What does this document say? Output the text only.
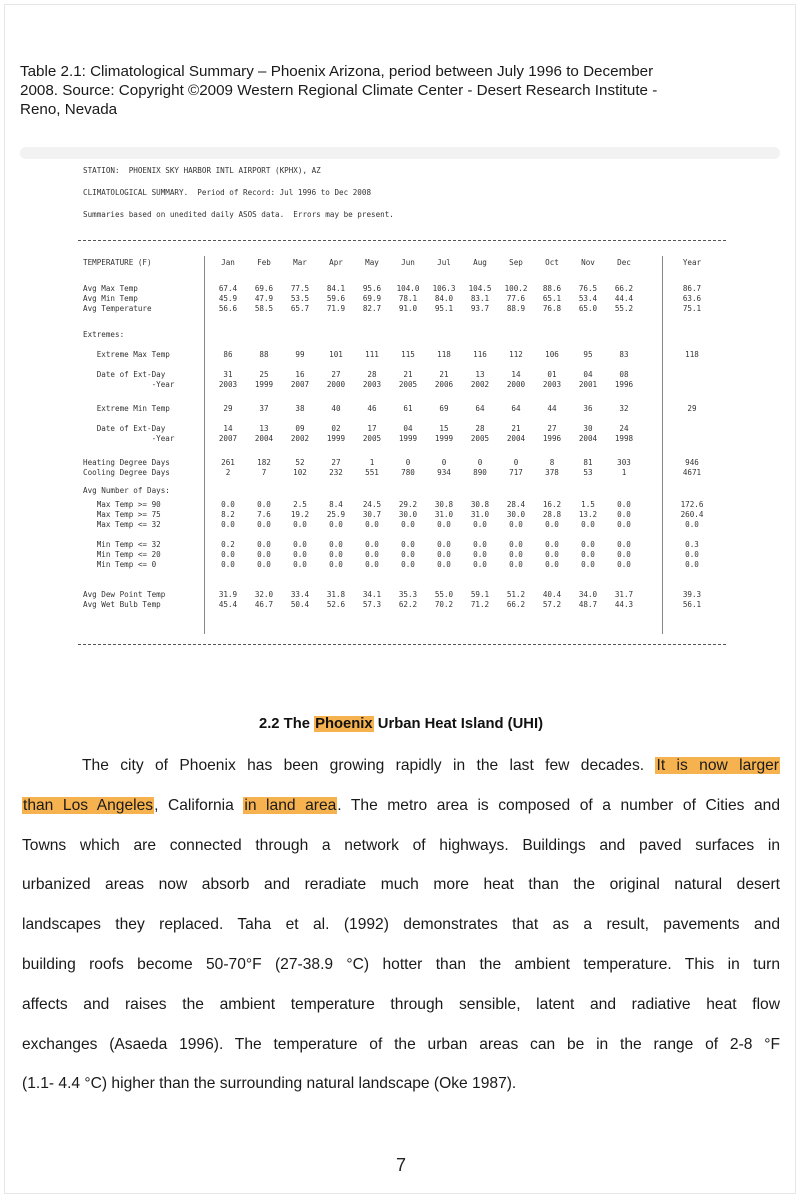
Table 2.1: Climatological Summary – Phoenix Arizona, period between July 1996 to December
2008. Source: Copyright ©2009 Western Regional Climate Center - Desert Research Institute -
Reno, Nevada

STATION:  PHOENIX SKY HARBOR INTL AIRPORT (KPHX), AZ

CLIMATOLOGICAL SUMMARY.  Period of Record: Jul 1996 to Dec 2008

Summaries based on unedited daily ASOS data.  Errors may be present.

TEMPERATURE (F)	Jan	Feb	Mar	Apr	May	Jun	Jul	Aug	Sep	Oct	Nov	Dec	Year
Avg Max Temp	67.4	69.6	77.5	84.1	95.6	104.0	106.3	104.5	100.2	88.6	76.5	66.2	86.7
Avg Min Temp	45.9	47.9	53.5	59.6	69.9	78.1	84.0	83.1	77.6	65.1	53.4	44.4	63.6
Avg Temperature	56.6	58.5	65.7	71.9	82.7	91.0	95.1	93.7	88.9	76.8	65.0	55.2	75.1
Extremes:
Extreme Max Temp	86	88	99	101	111	115	118	116	112	106	95	83	118
Date of Ext-Day	31	25	16	27	28	21	21	13	14	01	04	08
-Year	2003	1999	2007	2000	2003	2005	2006	2002	2000	2003	2001	1996
Extreme Min Temp	29	37	38	40	46	61	69	64	64	44	36	32	29
Date of Ext-Day	14	13	09	02	17	04	15	28	21	27	30	24
-Year	2007	2004	2002	1999	2005	1999	1999	2005	2004	1996	2004	1998
Heating Degree Days	261	182	52	27	1	0	0	0	0	8	81	303	946
Cooling Degree Days	2	7	102	232	551	780	934	890	717	378	53	1	4671
Avg Number of Days:
Max Temp >= 90	0.0	0.0	2.5	8.4	24.5	29.2	30.8	30.8	28.4	16.2	1.5	0.0	172.6
Max Temp >= 75	8.2	7.6	19.2	25.9	30.7	30.0	31.0	31.0	30.0	28.8	13.2	0.0	260.4
Max Temp <= 32	0.0	0.0	0.0	0.0	0.0	0.0	0.0	0.0	0.0	0.0	0.0	0.0	0.0
Min Temp <= 32	0.2	0.0	0.0	0.0	0.0	0.0	0.0	0.0	0.0	0.0	0.0	0.0	0.3
Min Temp <= 20	0.0	0.0	0.0	0.0	0.0	0.0	0.0	0.0	0.0	0.0	0.0	0.0	0.0
Min Temp <= 0	0.0	0.0	0.0	0.0	0.0	0.0	0.0	0.0	0.0	0.0	0.0	0.0	0.0
Avg Dew Point Temp	31.9	32.0	33.4	31.8	34.1	35.3	55.0	59.1	51.2	40.4	34.0	31.7	39.3
Avg Wet Bulb Temp	45.4	46.7	50.4	52.6	57.3	62.2	70.2	71.2	66.2	57.2	48.7	44.3	56.1

2.2 The Phoenix Urban Heat Island (UHI)
The city of Phoenix has been growing rapidly in the last few decades. It is now larger
than Los Angeles, California in land area. The metro area is composed of a number of Cities and
Towns which are connected through a network of highways. Buildings and paved surfaces in
urbanized areas now absorb and reradiate much more heat than the original natural desert
landscapes they replaced. Taha et al. (1992) demonstrates that as a result, pavements and
building roofs become 50-70°F (27-38.9 °C) hotter than the ambient temperature. This in turn
affects and raises the ambient temperature through sensible, latent and radiative heat flow
exchanges (Asaeda 1996). The temperature of the urban areas can be in the range of 2-8 °F
(1.1- 4.4 °C) higher than the surrounding natural landscape (Oke 1987).
7
